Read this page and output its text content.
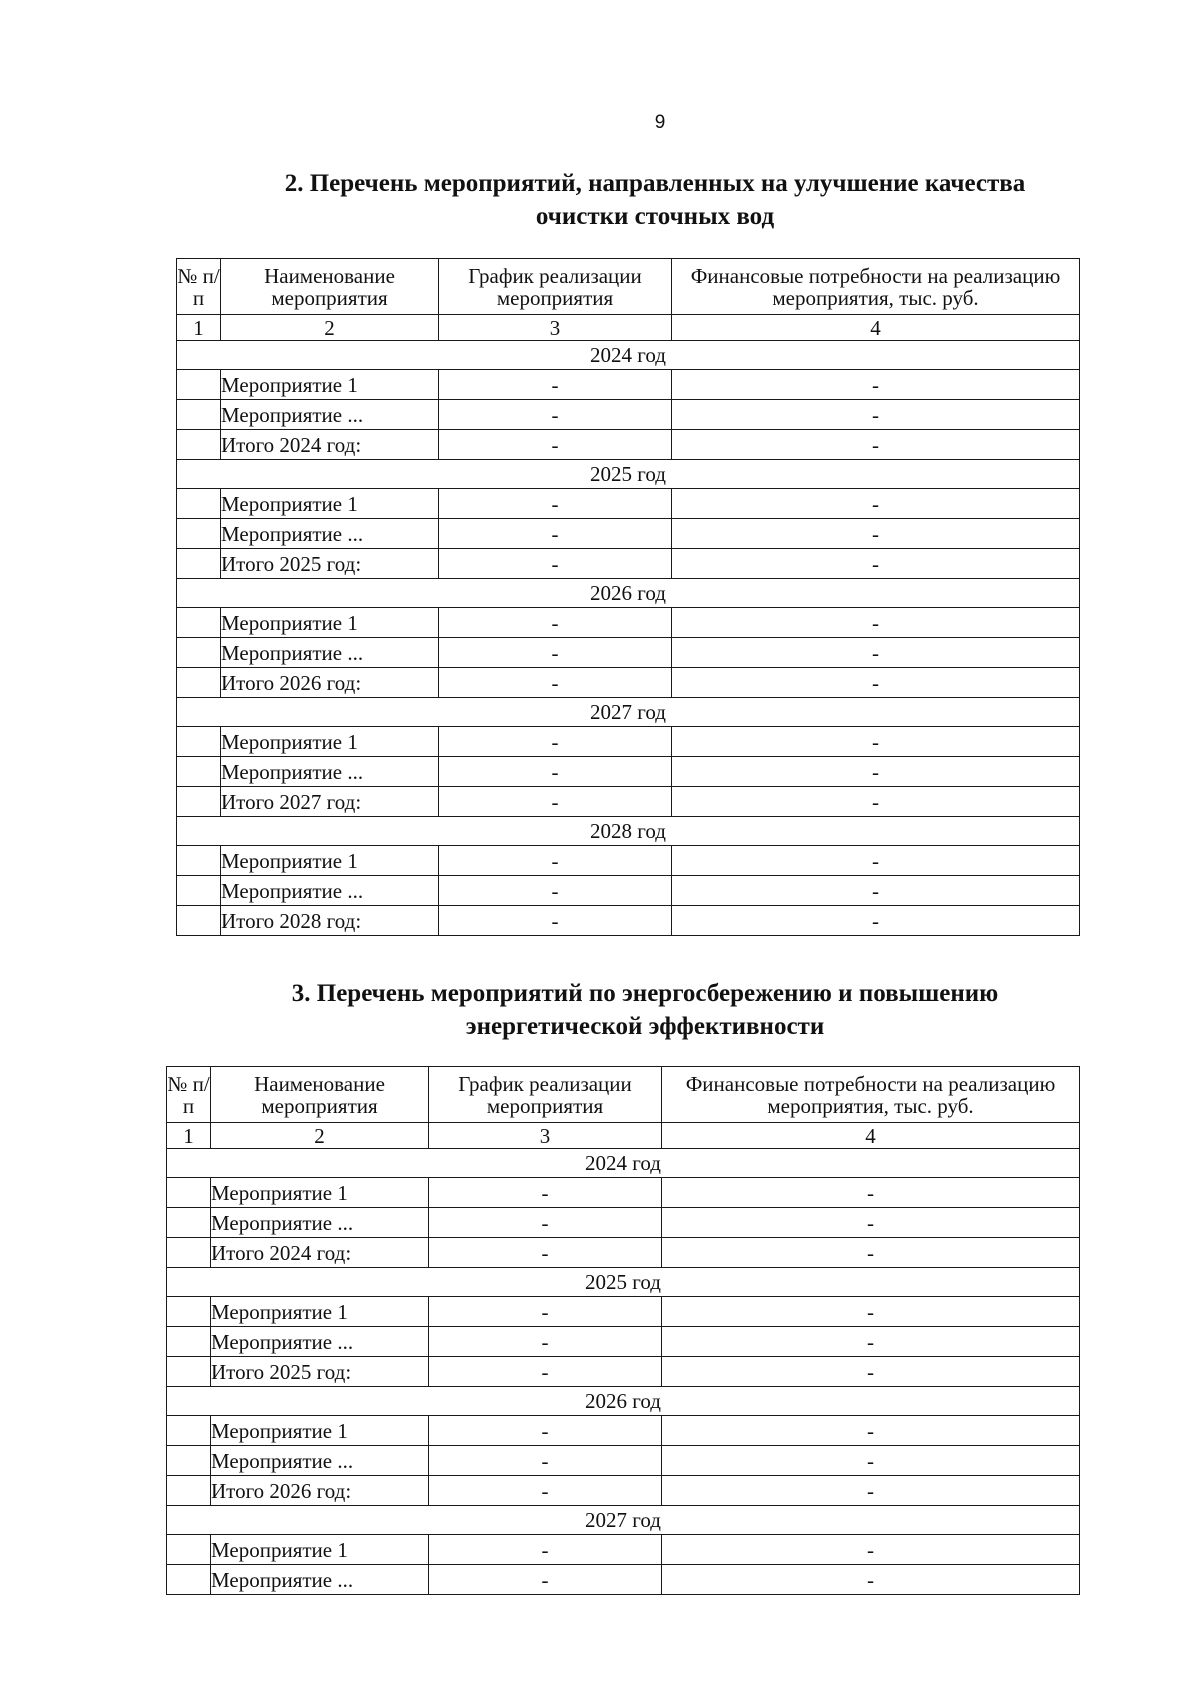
9
2. Перечень мероприятий, направленных на улучшение качества
очистки сточных вод
№ п/п	Наименование мероприятия	График реализации мероприятия	Финансовые потребности на реализацию мероприятия, тыс. руб.
1	2	3	4
2024 год			
	Мероприятие 1	-	-
	Мероприятие ...	-	-
	Итого 2024 год:	-	-
2025 год			
	Мероприятие 1	-	-
	Мероприятие ...	-	-
	Итого 2025 год:	-	-
2026 год			
	Мероприятие 1	-	-
	Мероприятие ...	-	-
	Итого 2026 год:	-	-
2027 год			
	Мероприятие 1	-	-
	Мероприятие ...	-	-
	Итого 2027 год:	-	-
2028 год			
	Мероприятие 1	-	-
	Мероприятие ...	-	-
	Итого 2028 год:	-	-
3. Перечень мероприятий по энергосбережению и повышению
энергетической эффективности
№ п/п	Наименование мероприятия	График реализации мероприятия	Финансовые потребности на реализацию мероприятия, тыс. руб.
1	2	3	4
2024 год			
	Мероприятие 1	-	-
	Мероприятие ...	-	-
	Итого 2024 год:	-	-
2025 год			
	Мероприятие 1	-	-
	Мероприятие ...	-	-
	Итого 2025 год:	-	-
2026 год			
	Мероприятие 1	-	-
	Мероприятие ...	-	-
	Итого 2026 год:	-	-
2027 год			
	Мероприятие 1	-	-
	Мероприятие ...	-	-
